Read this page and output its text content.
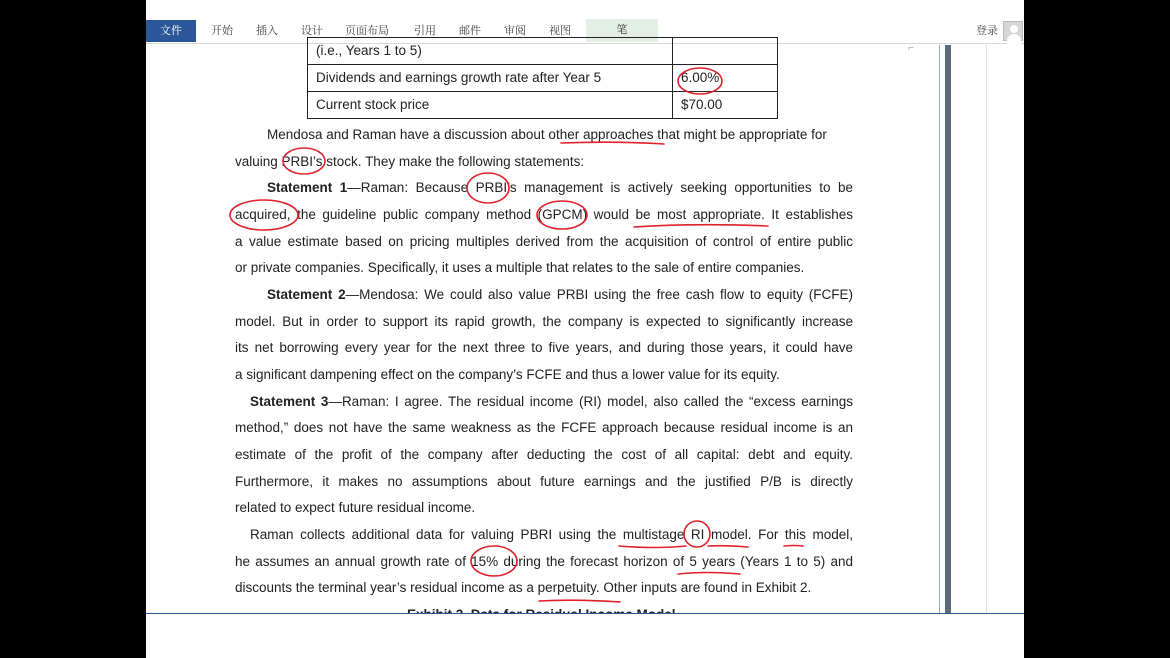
文件	开始	插入	设计	页面布局	引用	邮件	审阅	视图	笔	登录
⌐
(i.e., Years 1 to 5)	
Dividends and earnings growth rate after Year 5	6.00%
Current stock price	$70.00
Mendosa and Raman have a discussion about other approaches that might be appropriate for
valuing PRBI’s stock. They make the following statements:
Statement 1—Raman: Because PRBI’s management is actively seeking opportunities to be
acquired, the guideline public company method (GPCM) would be most appropriate. It establishes
a value estimate based on pricing multiples derived from the acquisition of control of entire public
or private companies. Specifically, it uses a multiple that relates to the sale of entire companies.
Statement 2—Mendosa: We could also value PRBI using the free cash flow to equity (FCFE)
model. But in order to support its rapid growth, the company is expected to significantly increase
its net borrowing every year for the next three to five years, and during those years, it could have
a significant dampening effect on the company’s FCFE and thus a lower value for its equity.
Statement 3—Raman: I agree. The residual income (RI) model, also called the “excess earnings
method,” does not have the same weakness as the FCFE approach because residual income is an
estimate of the profit of the company after deducting the cost of all capital: debt and equity.
Furthermore, it makes no assumptions about future earnings and the justified P/B is directly
related to expect future residual income.
Raman collects additional data for valuing PBRI using the multistage RI model. For this model,
he assumes an annual growth rate of 15% during the forecast horizon of 5 years (Years 1 to 5) and
discounts the terminal year’s residual income as a perpetuity. Other inputs are found in Exhibit 2.
